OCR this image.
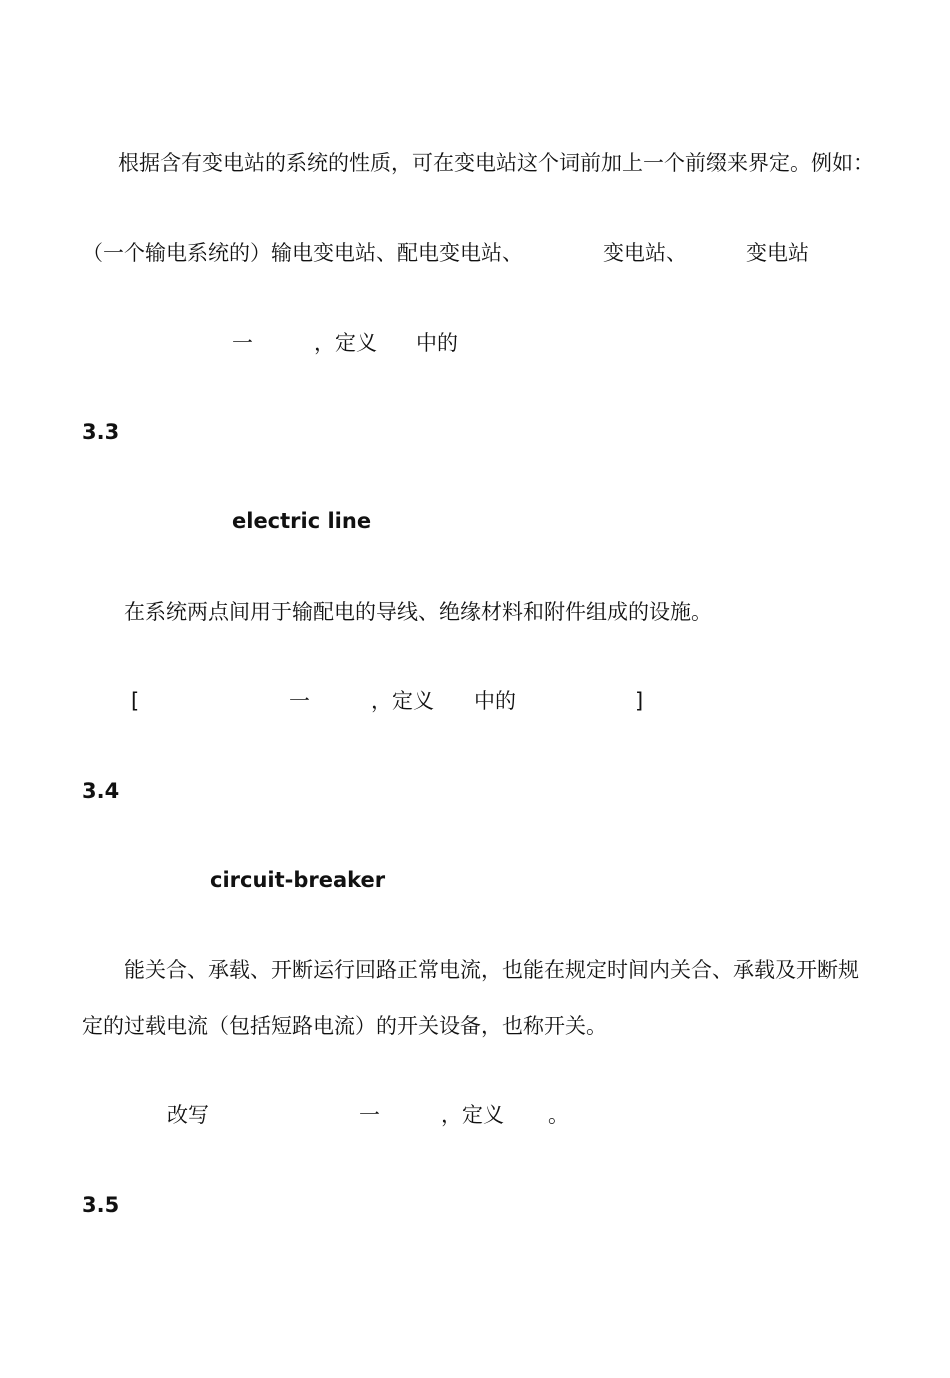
根据含有变电站的系统的性质，可在变电站这个词前加上一个前缀来界定。例如：
（一个输电系统的）输电变电站、配电变电站、	变电站、	变电站
一	，定义 中的
3.3
electric line
在系统两点间用于输配电的导线、绝缘材料和附件组成的设施。
[	一	，定义 中的	]
3.4
circuit-breaker
能关合、承载、开断运行回路正常电流，也能在规定时间内关合、承载及开断规
定的过载电流（包括短路电流）的开关设备，也称开关。
改写	一	，定义 。
3.5
